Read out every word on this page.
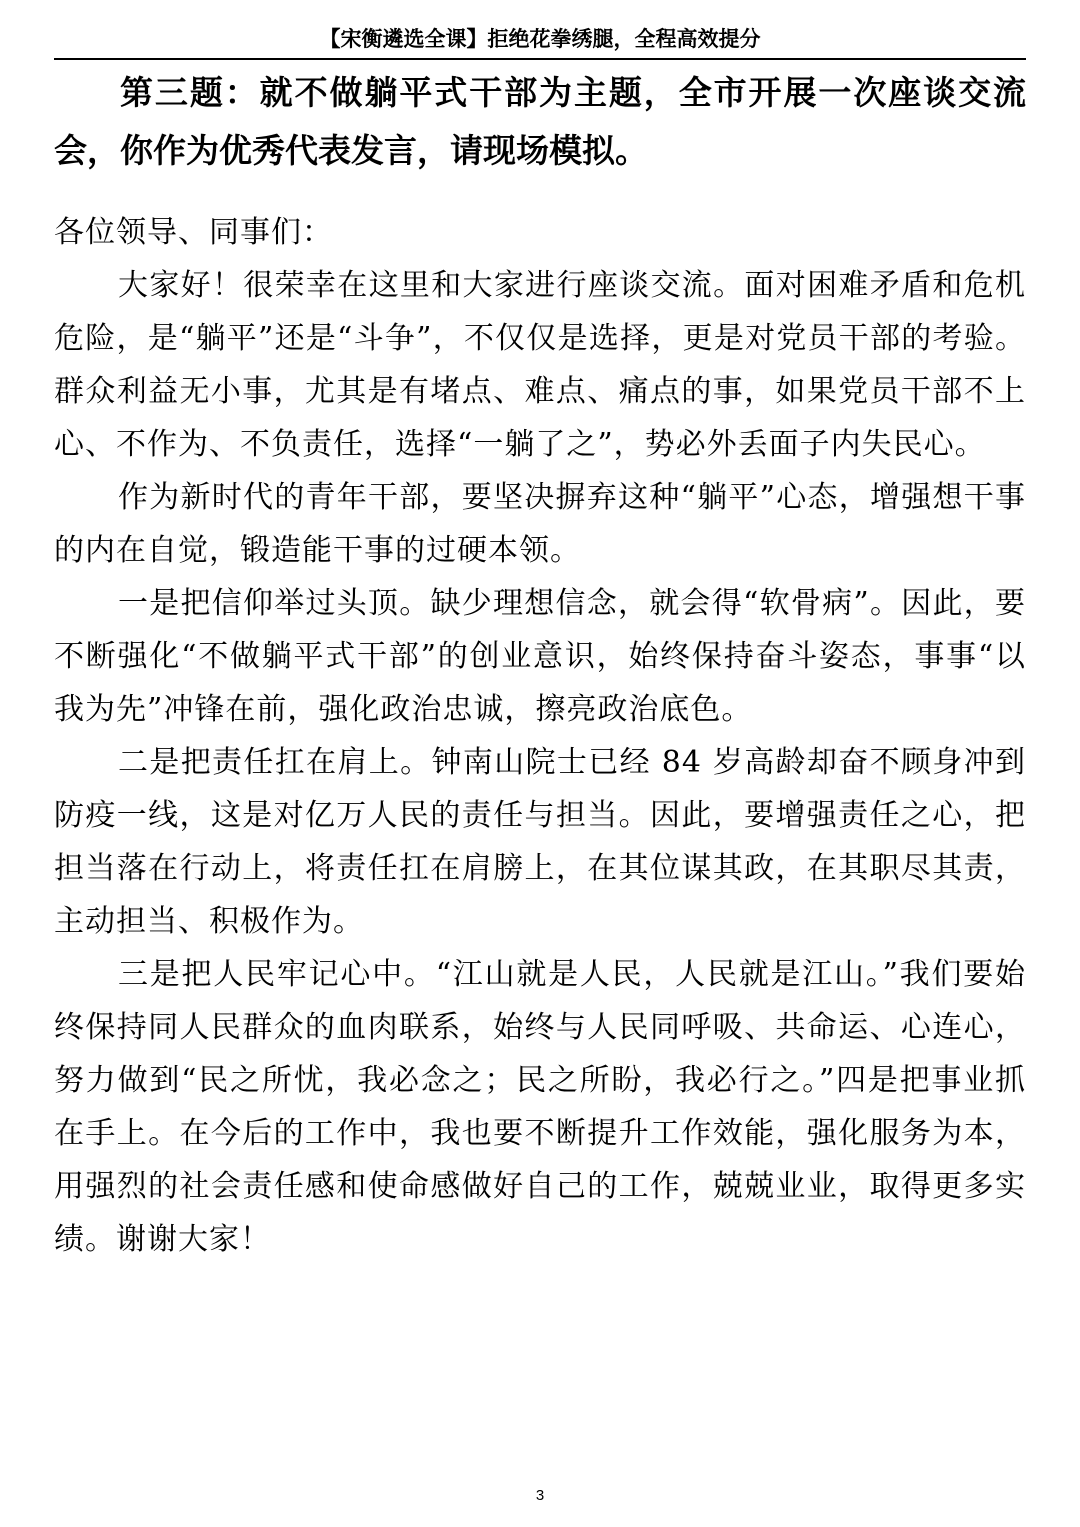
【宋衡遴选全课】拒绝花拳绣腿，全程高效提分
第三题：就不做躺平式干部为主题，全市开展一次座谈交流会，你作为优秀代表发言，请现场模拟。

各位领导、同事们：

大家好！很荣幸在这里和大家进行座谈交流。面对困难矛盾和危机危险，是“躺平”还是“斗争”，不仅仅是选择，更是对党员干部的考验。群众利益无小事，尤其是有堵点、难点、痛点的事，如果党员干部不上心、不作为、不负责任，选择“一躺了之”，势必外丢面子内失民心。

作为新时代的青年干部，要坚决摒弃这种“躺平”心态，增强想干事的内在自觉，锻造能干事的过硬本领。

一是把信仰举过头顶。缺少理想信念，就会得“软骨病”。因此，要不断强化“不做躺平式干部”的创业意识，始终保持奋斗姿态，事事“以我为先”冲锋在前，强化政治忠诚，擦亮政治底色。

二是把责任扛在肩上。钟南山院士已经 84 岁高龄却奋不顾身冲到防疫一线，这是对亿万人民的责任与担当。因此，要增强责任之心，把担当落在行动上，将责任扛在肩膀上，在其位谋其政，在其职尽其责，主动担当、积极作为。

三是把人民牢记心中。“江山就是人民，人民就是江山。”我们要始终保持同人民群众的血肉联系，始终与人民同呼吸、共命运、心连心，努力做到“民之所忧，我必念之；民之所盼，我必行之。”四是把事业抓在手上。在今后的工作中，我也要不断提升工作效能，强化服务为本，用强烈的社会责任感和使命感做好自己的工作，兢兢业业，取得更多实绩。谢谢大家！

3
